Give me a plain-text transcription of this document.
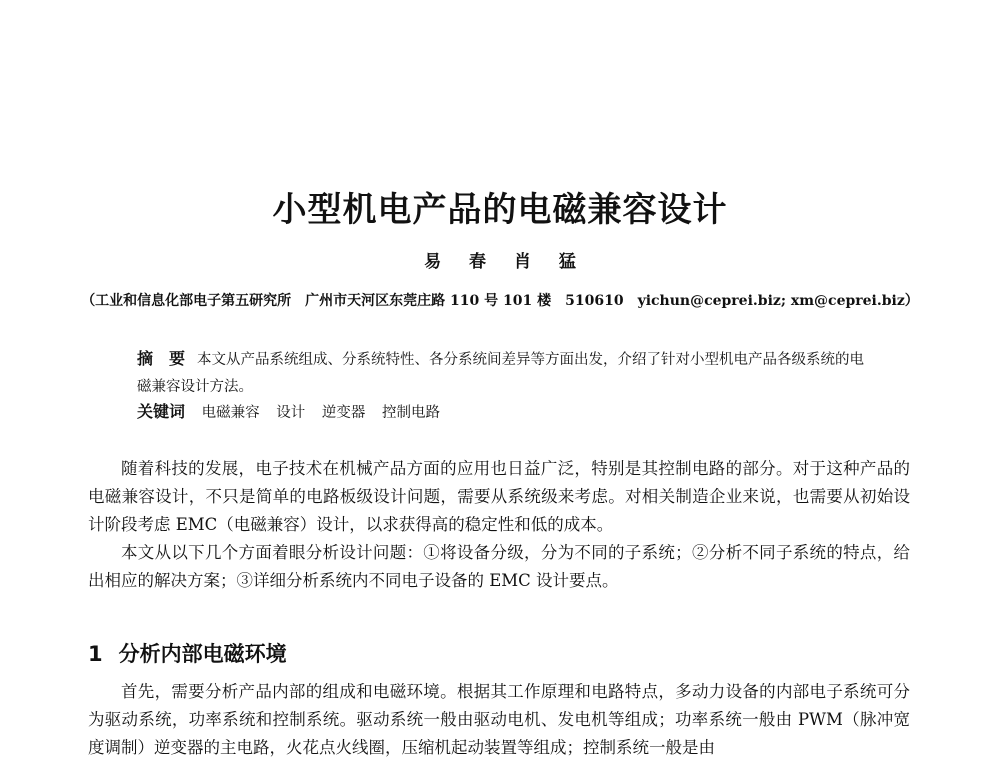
小型机电产品的电磁兼容设计
易 春 肖 猛
（工业和信息化部电子第五研究所　广州市天河区东莞庄路 110 号 101 楼　510610　yichun@ceprei.biz; xm@ceprei.biz）
摘　要 本文从产品系统组成、分系统特性、各分系统间差异等方面出发，介绍了针对小型机电产品各级系统的电磁兼容设计方法。
关键词 电磁兼容 设计 逆变器 控制电路

随着科技的发展，电子技术在机械产品方面的应用也日益广泛，特别是其控制电路的部分。对于这种产品的电磁兼容设计，不只是简单的电路板级设计问题，需要从系统级来考虑。对相关制造企业来说，也需要从初始设计阶段考虑 EMC（电磁兼容）设计，以求获得高的稳定性和低的成本。

本文从以下几个方面着眼分析设计问题：①将设备分级，分为不同的子系统；②分析不同子系统的特点，给出相应的解决方案；③详细分析系统内不同电子设备的 EMC 设计要点。

1 分析内部电磁环境

首先，需要分析产品内部的组成和电磁环境。根据其工作原理和电路特点，多动力设备的内部电子系统可分为驱动系统，功率系统和控制系统。驱动系统一般由驱动电机、发电机等组成；功率系统一般由 PWM（脉冲宽度调制）逆变器的主电路，火花点火线圈，压缩机起动装置等组成；控制系统一般是由
